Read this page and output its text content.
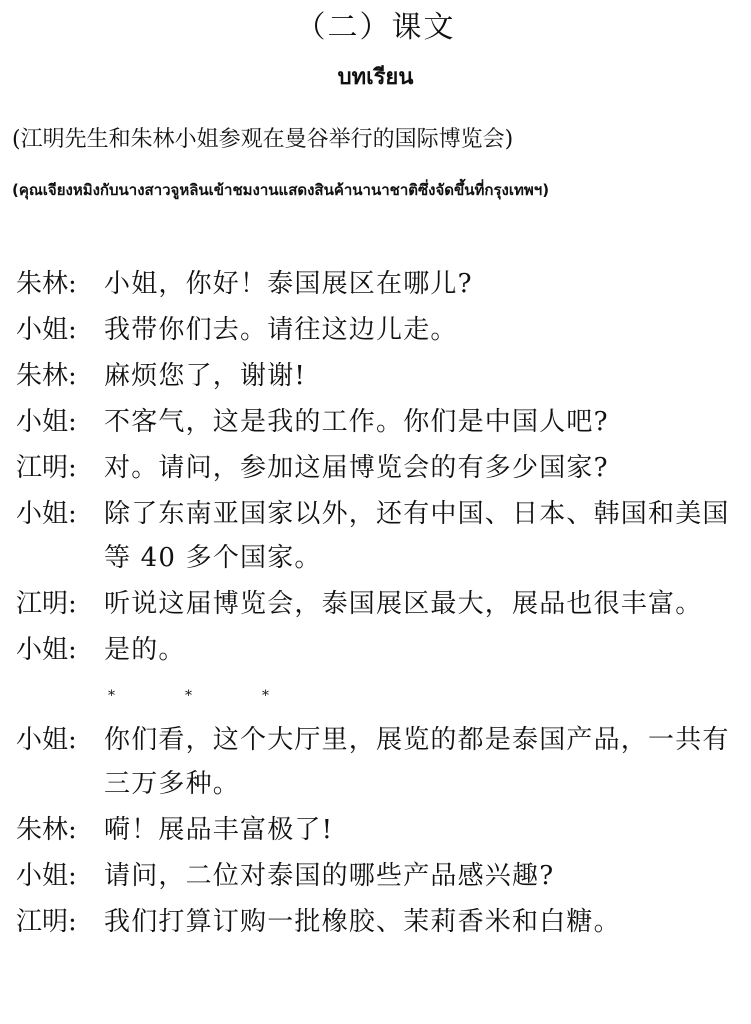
（二）课文
บทเรียน
(江明先生和朱林小姐参观在曼谷举行的国际博览会)
(คุณเจียงหมิงกับนางสาวจูหลินเข้าชมงานแสดงสินค้านานาชาติซึ่งจัดขึ้นที่กรุงเทพฯ)
朱林:	小姐，你好！泰国展区在哪儿?
小姐:	我带你们去。请往这边儿走。
朱林:	麻烦您了，谢谢!
小姐:	不客气，这是我的工作。你们是中国人吧?
江明:	对。请问，参加这届博览会的有多少国家?
小姐:	除了东南亚国家以外，还有中国、日本、韩国和美国等 40 多个国家。
江明:	听说这届博览会，泰国展区最大，展品也很丰富。
小姐:	是的。
*	*	*
小姐:	你们看，这个大厅里，展览的都是泰国产品，一共有三万多种。
朱林:	嗬！展品丰富极了!
小姐:	请问，二位对泰国的哪些产品感兴趣?
江明:	我们打算订购一批橡胶、茉莉香米和白糖。
